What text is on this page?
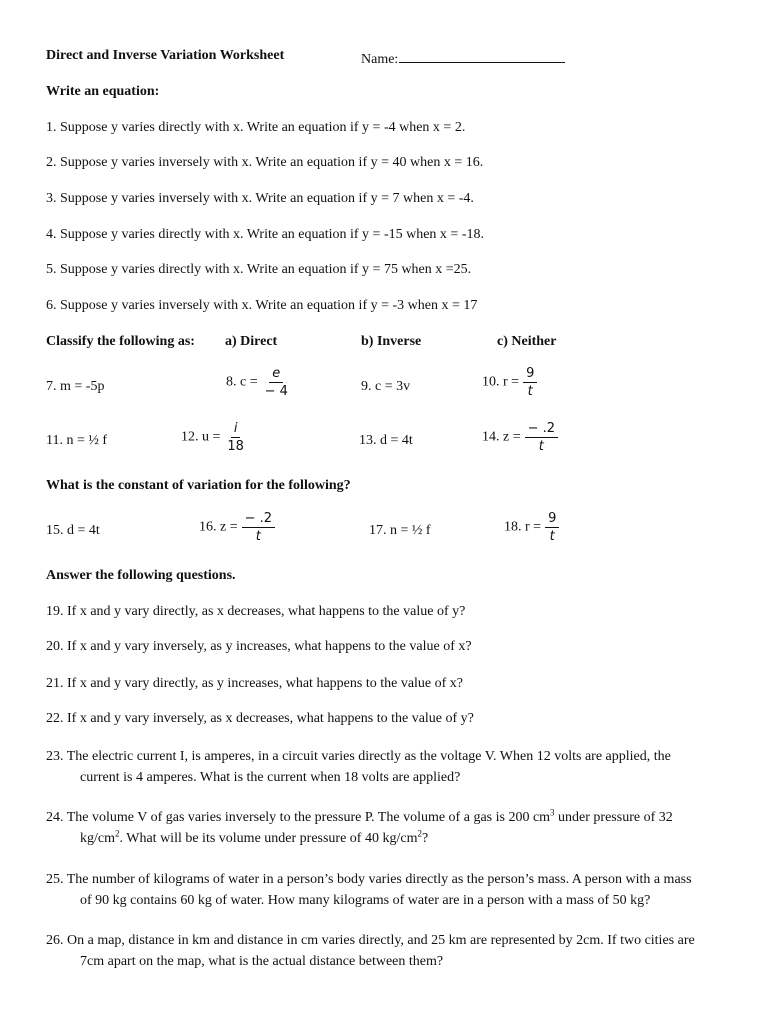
Direct and Inverse Variation Worksheet	Name:
Write an equation:
1. Suppose y varies directly with x. Write an equation if y = -4 when x = 2.
2. Suppose y varies inversely with x. Write an equation if y = 40 when x = 16.
3. Suppose y varies inversely with x. Write an equation if y = 7 when x = -4.
4. Suppose y varies directly with x. Write an equation if y = -15 when x = -18.
5. Suppose y varies directly with x. Write an equation if y = 75 when x =25.
6. Suppose y varies inversely with x. Write an equation if y = -3 when x = 17
Classify the following as: a) Direct	b) Inverse	c) Neither
7. m = -5p	8. $c = \frac{e}{- 4}$	9. c = 3v	10. $r = \frac{9}{t}$
11. n = ½ f	12. $u = \frac{i}{18}$	13. d = 4t	14. $z = \frac{- .2}{t}$
What is the constant of variation for the following?
15. d = 4t	16. $z = \frac{- .2}{t}$	17. n = ½ f	18. $r = \frac{9}{t}$
Answer the following questions.
19. If x and y vary directly, as x decreases, what happens to the value of y?
20. If x and y vary inversely, as y increases, what happens to the value of x?
21. If x and y vary directly, as y increases, what happens to the value of x?
22. If x and y vary inversely, as x decreases, what happens to the value of y?
23. The electric current I, is amperes, in a circuit varies directly as the voltage V. When 12 volts are applied, the
current is 4 amperes. What is the current when 18 volts are applied?
24. The volume V of gas varies inversely to the pressure P. The volume of a gas is 200 $cm^3$ under pressure of 32
$kg/cm^2$. What will be its volume under pressure of 40 $kg/cm^2$?
25. The number of kilograms of water in a person’s body varies directly as the person’s mass. A person with a mass
of 90 kg contains 60 kg of water. How many kilograms of water are in a person with a mass of 50 kg?
26. On a map, distance in km and distance in cm varies directly, and 25 km are represented by 2cm. If two cities are
7cm apart on the map, what is the actual distance between them?
